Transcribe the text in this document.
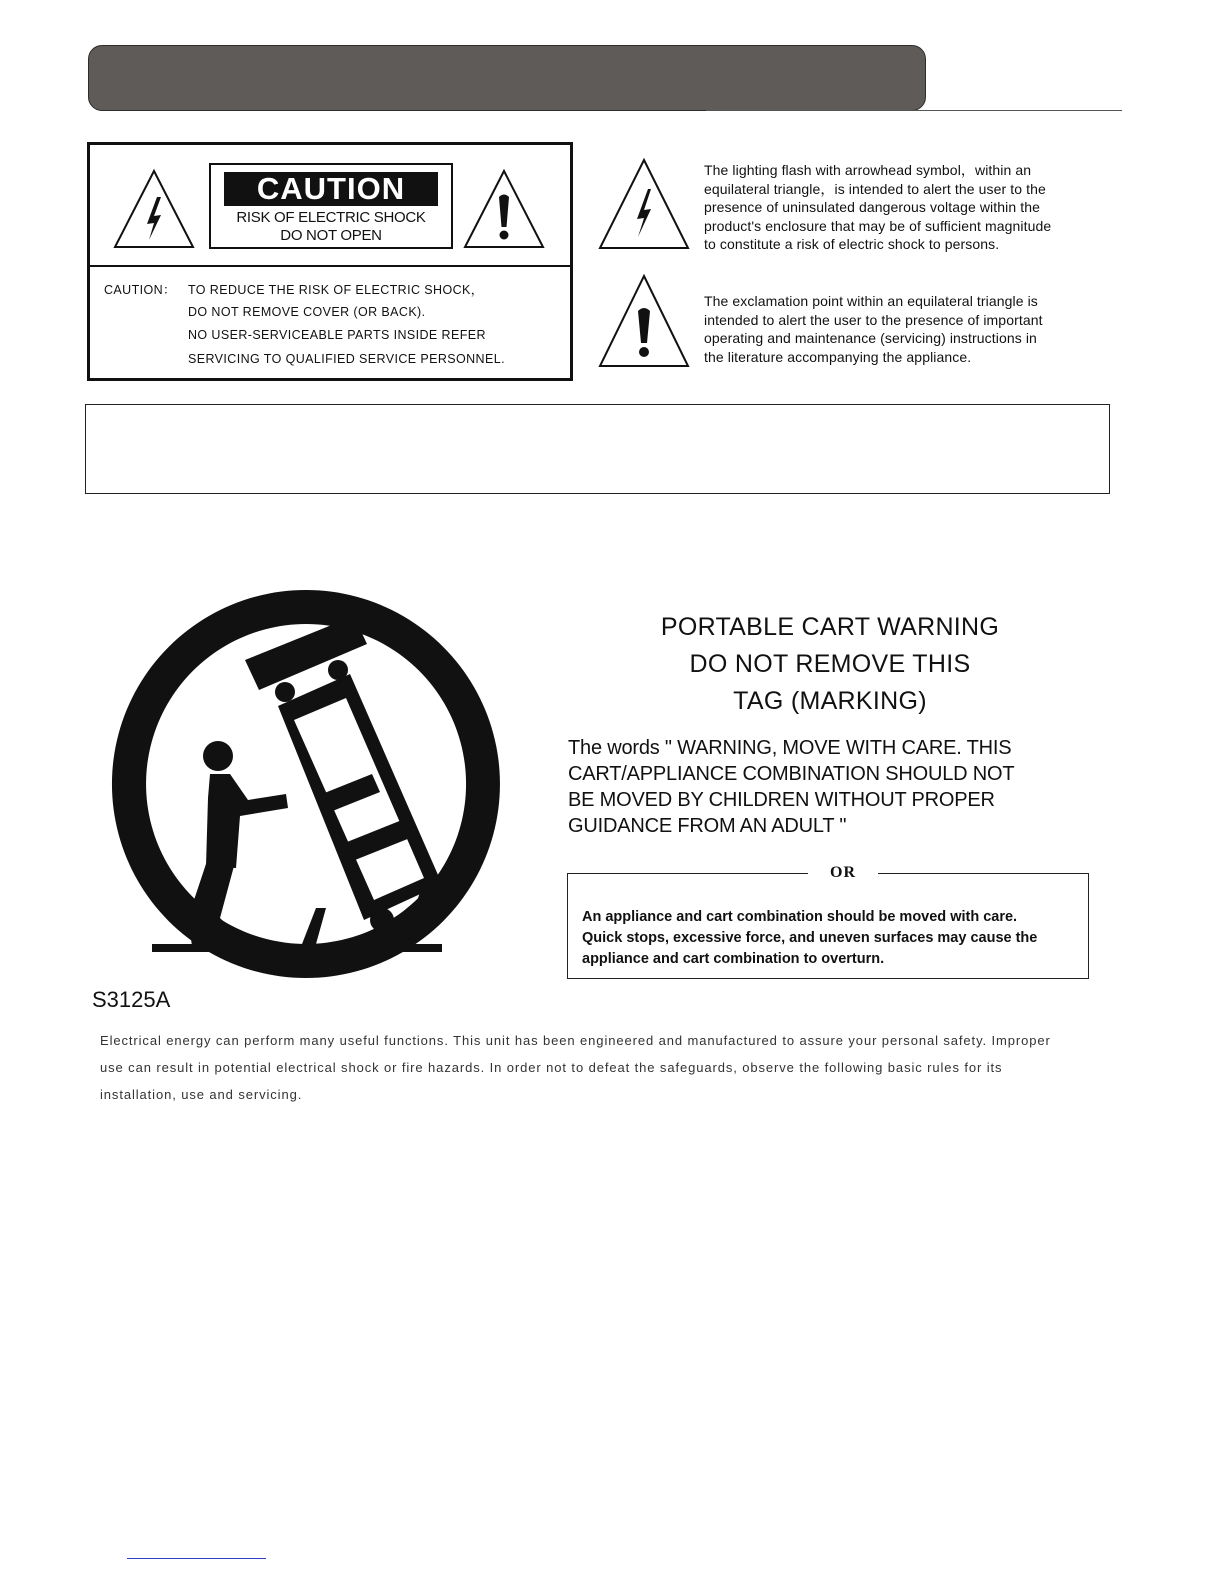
CAUTION
RISK OF ELECTRIC SHOCK
DO NOT OPEN
CAUTION： TO REDUCE THE RISK OF ELECTRIC SHOCK，
DO NOT REMOVE COVER (OR BACK).
NO USER-SERVICEABLE PARTS INSIDE REFER
SERVICING TO QUALIFIED SERVICE PERSONNEL.
The lighting flash with arrowhead symbol，within an
equilateral triangle，is intended to alert the user to the
presence of uninsulated dangerous voltage within the
product's enclosure that may be of sufficient magnitude
to constitute a risk of electric shock to persons.
The exclamation point within an equilateral triangle is
intended to alert the user to the presence of important
operating and maintenance (servicing) instructions in
the literature accompanying the appliance.
PORTABLE CART WARNING
DO NOT REMOVE THIS
TAG (MARKING)
The words " WARNING, MOVE WITH CARE. THIS
CART/APPLIANCE COMBINATION SHOULD NOT
BE MOVED BY CHILDREN WITHOUT PROPER
GUIDANCE FROM AN ADULT "
OR
An appliance and cart combination should be moved with care.
Quick stops, excessive force, and uneven surfaces may cause the
appliance and cart combination to overturn.
S3125A
Electrical energy can perform many useful functions. This unit has been engineered and manufactured to assure your personal safety. Improper
use can result in potential electrical shock or fire hazards. In order not to defeat the safeguards, observe the following basic rules for its
installation, use and servicing.
